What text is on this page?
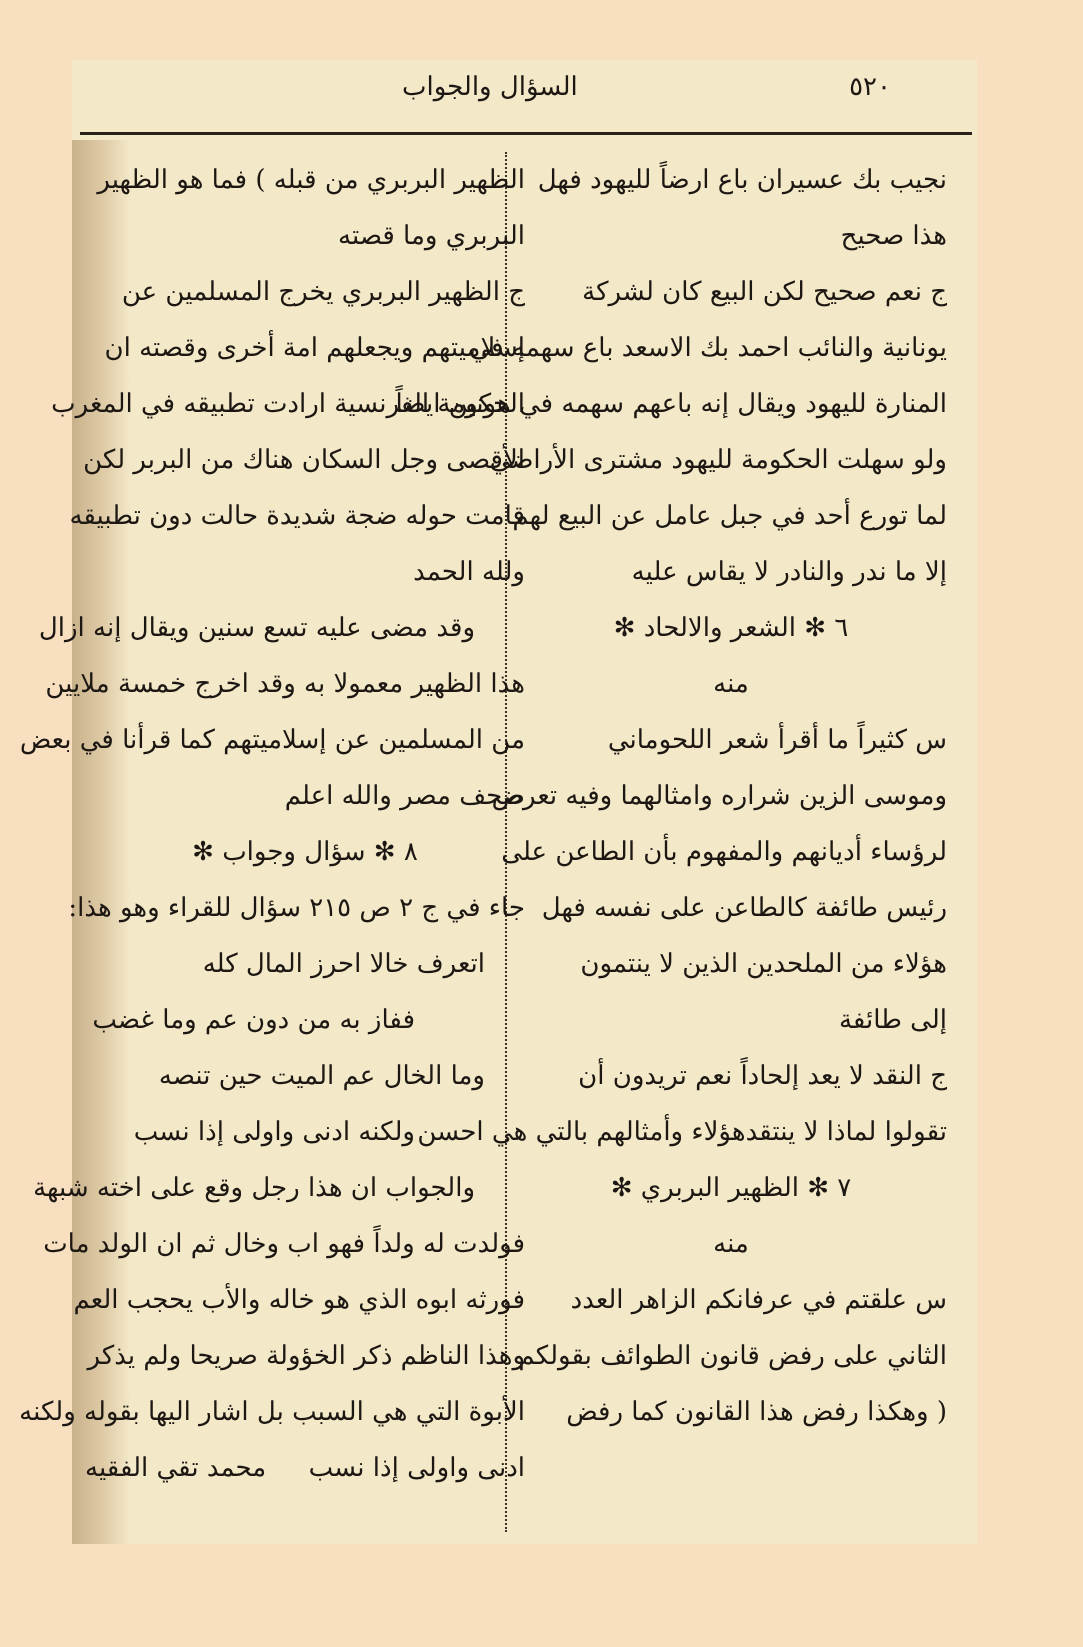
٥٢٠
السؤال والجواب
نجيب بك عسيران باع ارضاً لليهود فهل
هذا صحيح
ج نعم صحيح لكن البيع كان لشركة
يونانية والنائب احمد بك الاسعد باع سهمه في
المنارة لليهود ويقال إنه باعهم سهمه في هونين ايضاً
ولو سهلت الحكومة لليهود مشترى الأراضي
لما تورع أحد في جبل عامل عن البيع لهم
إلا ما ندر والنادر لا يقاس عليه
٦ ✻ الشعر والالحاد ✻
منه
س كثيراً ما أقرأ شعر اللحوماني
وموسى الزين شراره وامثالهما وفيه تعرض
لرؤساء أديانهم والمفهوم بأن الطاعن على
رئيس طائفة كالطاعن على نفسه فهل
هؤلاء من الملحدين الذين لا ينتمون
إلى طائفة
ج النقد لا يعد إلحاداً نعم تريدون أن
تقولوا لماذا لا ينتقدهؤلاء وأمثالهم بالتي هي احسن
٧ ✻ الظهير البربري ✻
منه
س علقتم في عرفانكم الزاهر العدد
الثاني على رفض قانون الطوائف بقولكم
( وهكذا رفض هذا القانون كما رفض
الظهير البربري من قبله ) فما هو الظهير
البربري وما قصته
ج الظهير البربري يخرج المسلمين عن
إسلاميتهم ويجعلهم امة أخرى وقصته ان
الحكومة الفرنسية ارادت تطبيقه في المغرب
الأقصى وجل السكان هناك من البربر لكن
قامت حوله ضجة شديدة حالت دون تطبيقه
ولله الحمد
وقد مضى عليه تسع سنين ويقال إنه ازال
هذا الظهير معمولا به وقد اخرج خمسة ملايين
من المسلمين عن إسلاميتهم كما قرأنا في بعض
صحف مصر والله اعلم
٨ ✻ سؤال وجواب ✻
جاء في ج ٢ ص ٢١٥ سؤال للقراء وهو هذا:
اتعرف خالا احرز المال كله
ففاز به من دون عم وما غضب
وما الخال عم الميت حين تنصه
ولكنه ادنى واولى إذا نسب
والجواب ان هذا رجل وقع على اخته شبهة
فولدت له ولداً فهو اب وخال ثم ان الولد مات
فورثه ابوه الذي هو خاله والأب يحجب العم
وهذا الناظم ذكر الخؤولة صريحا ولم يذكر
الأبوة التي هي السبب بل اشار اليها بقوله ولكنه
ادنى واولى إذا نسب
محمد تقي الفقيه
